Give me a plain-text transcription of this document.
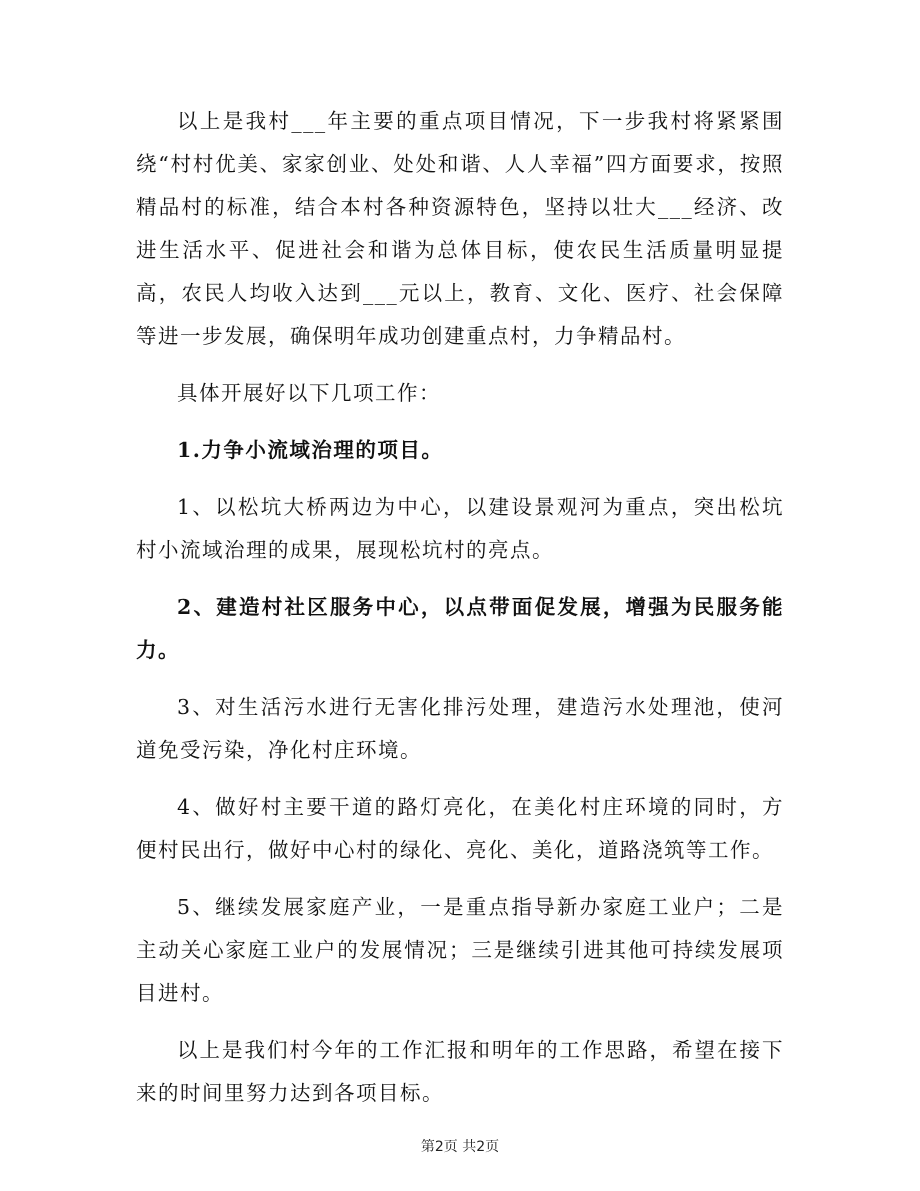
以上是我村___年主要的重点项目情况，下一步我村将紧紧围绕“村村优美、家家创业、处处和谐、人人幸福”四方面要求，按照精品村的标准，结合本村各种资源特色，坚持以壮大___经济、改进生活水平、促进社会和谐为总体目标，使农民生活质量明显提高，农民人均收入达到___元以上，教育、文化、医疗、社会保障等进一步发展，确保明年成功创建重点村，力争精品村。

具体开展好以下几项工作：

1.力争小流域治理的项目。

1、以松坑大桥两边为中心，以建设景观河为重点，突出松坑村小流域治理的成果，展现松坑村的亮点。

2、建造村社区服务中心，以点带面促发展，增强为民服务能力。

3、对生活污水进行无害化排污处理，建造污水处理池，使河道免受污染，净化村庄环境。

4、做好村主要干道的路灯亮化，在美化村庄环境的同时，方便村民出行，做好中心村的绿化、亮化、美化，道路浇筑等工作。

5、继续发展家庭产业，一是重点指导新办家庭工业户；二是主动关心家庭工业户的发展情况；三是继续引进其他可持续发展项目进村。

以上是我们村今年的工作汇报和明年的工作思路，希望在接下来的时间里努力达到各项目标。

第2页 共2页
